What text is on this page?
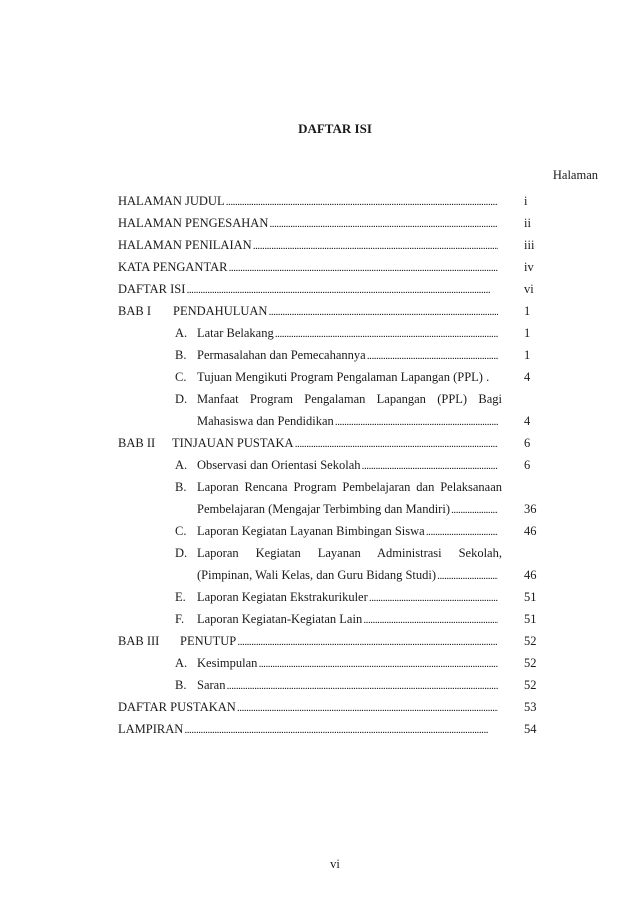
DAFTAR ISI
Halaman
HALAMAN JUDUL . . .	i
HALAMAN PENGESAHAN . . .	ii
HALAMAN PENILAIAN . . .	iii
KATA PENGANTAR . . .	iv
DAFTAR ISI . . .	vi
BAB I PENDAHULUAN . . .	1
A. Latar Belakang . . .	1
B. Permasalahan dan Pemecahannya . . .	1
C. Tujuan Mengikuti Program Pengalaman Lapangan (PPL) .	4
D. Manfaat Program Pengalaman Lapangan (PPL) Bagi
Mahasiswa dan Pendidikan . . .	4
BAB II TINJAUAN PUSTAKA . . .	6
A. Observasi dan Orientasi Sekolah . . .	6
B. Laporan Rencana Program Pembelajaran dan Pelaksanaan
Pembelajaran (Mengajar Terbimbing dan Mandiri) . . .	36
C. Laporan Kegiatan Layanan Bimbingan Siswa . . .	46
D. Laporan Kegiatan Layanan Administrasi Sekolah,
(Pimpinan, Wali Kelas, dan Guru Bidang Studi) . . .	46
E. Laporan Kegiatan Ekstrakurikuler . . .	51
F. Laporan Kegiatan-Kegiatan Lain . . .	51
BAB III PENUTUP . . .	52
A. Kesimpulan . . .	52
B. Saran . . .	52
DAFTAR PUSTAKAN . . .	53
LAMPIRAN . . .	54
vi
